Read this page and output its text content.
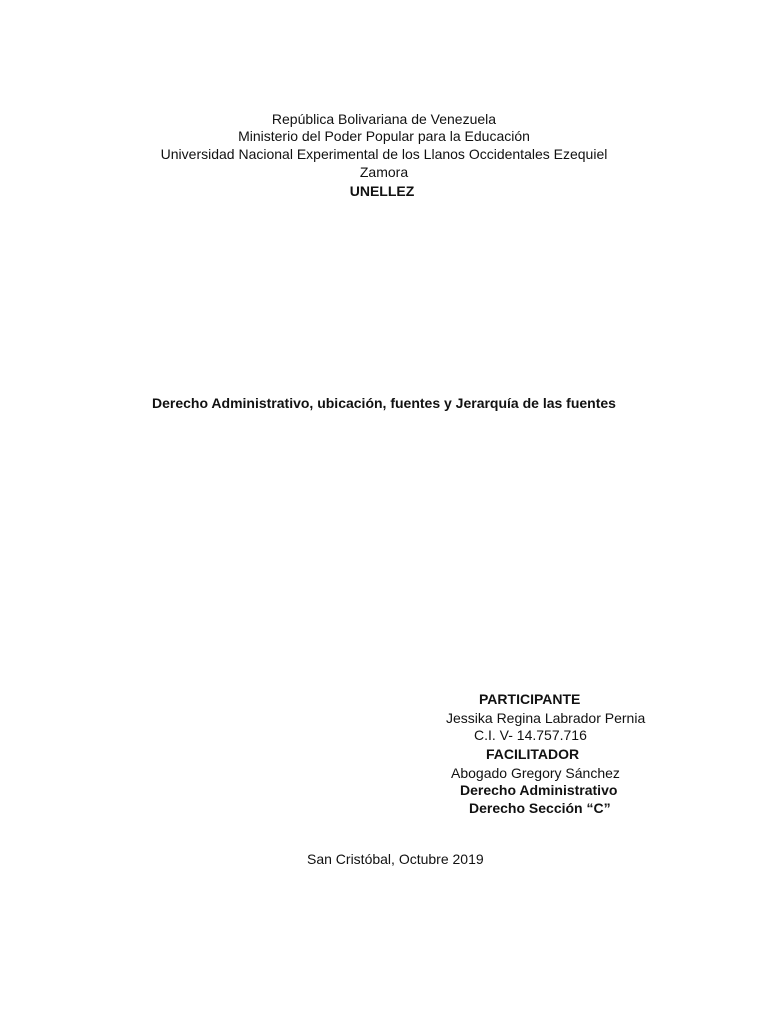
República Bolivariana de Venezuela
Ministerio del Poder Popular para la Educación
Universidad Nacional Experimental de los Llanos Occidentales Ezequiel
Zamora
UNELLEZ
Derecho Administrativo, ubicación, fuentes y Jerarquía de las fuentes
PARTICIPANTE
Jessika Regina Labrador Pernia
C.I. V- 14.757.716
FACILITADOR
Abogado Gregory Sánchez
Derecho Administrativo
Derecho Sección “C”
San Cristóbal, Octubre 2019
